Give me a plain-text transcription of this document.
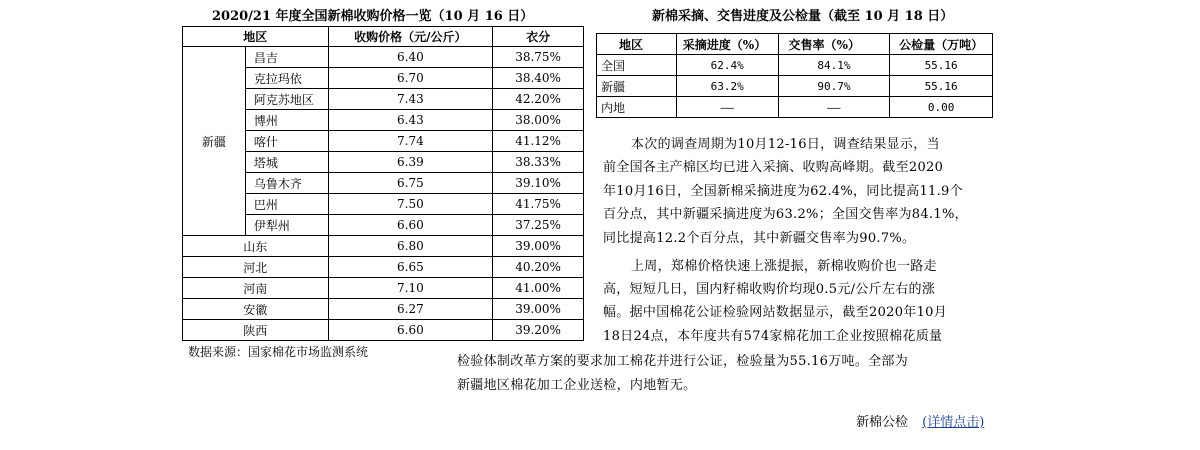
2020/21 年度全国新棉收购价格一览（10 月 16 日）
地区		收购价格（元/公斤）	衣分
新疆	昌吉	6.40	38.75%
	克拉玛依	6.70	38.40%
	阿克苏地区	7.43	42.20%
	博州	6.43	38.00%
	喀什	7.74	41.12%
	塔城	6.39	38.33%
	乌鲁木齐	6.75	39.10%
	巴州	7.50	41.75%
	伊犁州	6.60	37.25%
山东		6.80	39.00%
河北		6.65	40.20%
河南		7.10	41.00%
安徽		6.27	39.00%
陕西		6.60	39.20%
数据来源：国家棉花市场监测系统
新棉采摘、交售进度及公检量（截至 10 月 18 日）
地区	采摘进度（%）	交售率（%）	公检量（万吨）
全国	62.4%	84.1%	55.16
新疆	63.2%	90.7%	55.16
内地	——	——	0.00
本次的调查周期为10月12-16日，调查结果显示，当
前全国各主产棉区均已进入采摘、收购高峰期。截至2020
年10月16日，全国新棉采摘进度为62.4%，同比提高11.9个
百分点，其中新疆采摘进度为63.2%；全国交售率为84.1%，
同比提高12.2个百分点，其中新疆交售率为90.7%。
上周，郑棉价格快速上涨提振，新棉收购价也一路走
高，短短几日，国内籽棉收购价均现0.5元/公斤左右的涨
幅。据中国棉花公证检验网站数据显示，截至2020年10月
18日24点，本年度共有574家棉花加工企业按照棉花质量
检验体制改革方案的要求加工棉花并进行公证，检验量为55.16万吨。全部为
新疆地区棉花加工企业送检，内地暂无。
新棉公检 (详情点击)
